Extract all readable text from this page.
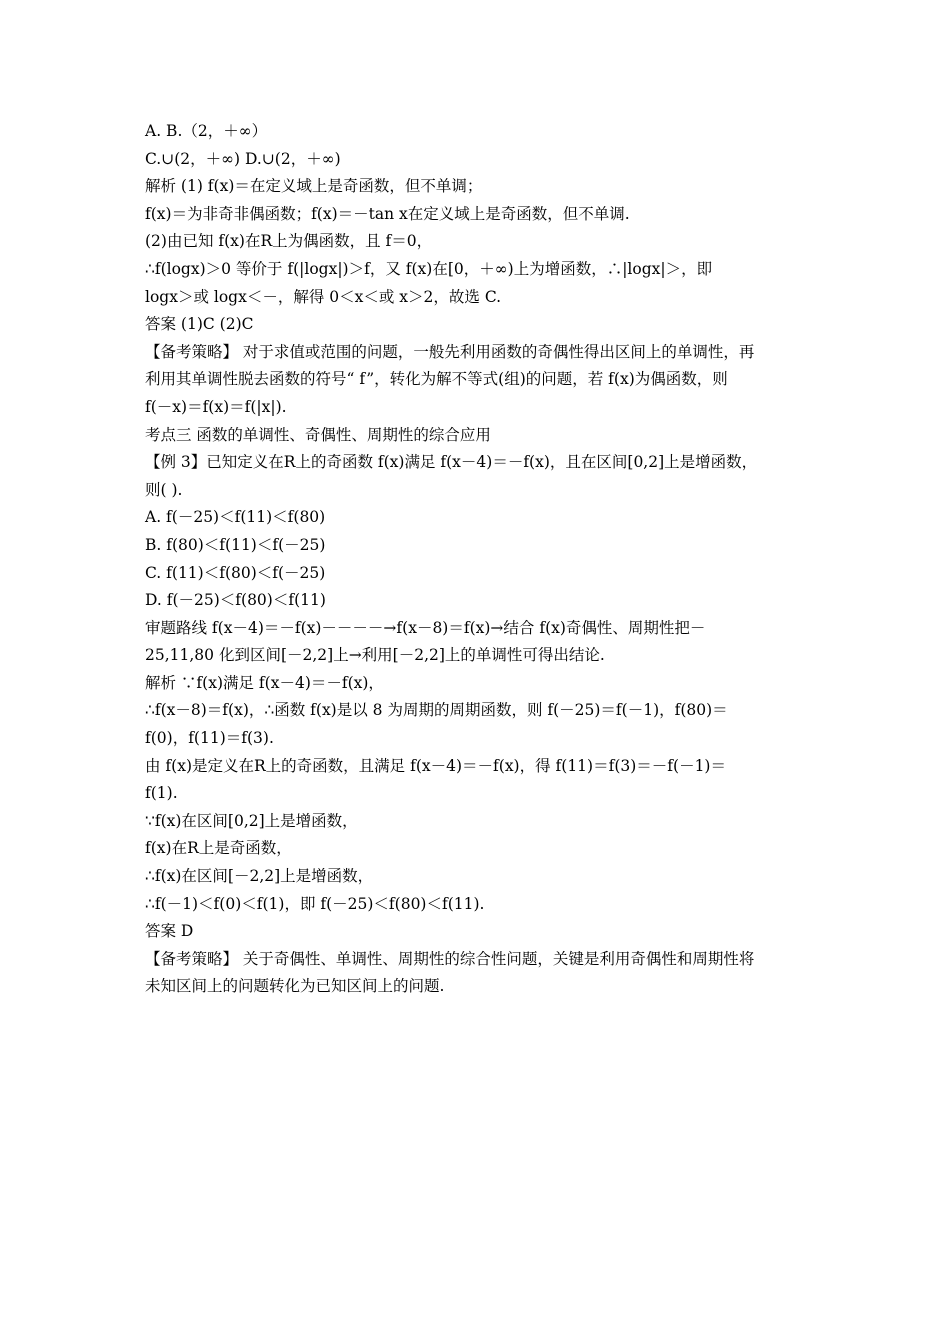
A. B.（2，＋∞）
C.∪(2，＋∞) D.∪(2，＋∞)
解析 (1) f(x)＝在定义域上是奇函数，但不单调；
f(x)＝为非奇非偶函数；f(x)＝－tan x在定义域上是奇函数，但不单调.
(2)由已知 f(x)在R上为偶函数，且 f＝0，
∴f(logx)＞0 等价于 f(|logx|)＞f，又 f(x)在[0，＋∞)上为增函数，∴|logx|＞，即
logx＞或 logx＜－，解得 0＜x＜或 x＞2，故选 C.
答案 (1)C (2)C
【备考策略】 对于求值或范围的问题，一般先利用函数的奇偶性得出区间上的单调性，再
利用其单调性脱去函数的符号“ f”，转化为解不等式(组)的问题，若 f(x)为偶函数，则
f(－x)＝f(x)＝f(|x|).
考点三 函数的单调性、奇偶性、周期性的综合应用
【例 3】已知定义在R上的奇函数 f(x)满足 f(x－4)＝－f(x)，且在区间[0,2]上是增函数，
则( ).
A. f(－25)＜f(11)＜f(80)
B. f(80)＜f(11)＜f(－25)
C. f(11)＜f(80)＜f(－25)
D. f(－25)＜f(80)＜f(11)
审题路线 f(x－4)＝－f(x)－－－－→f(x－8)＝f(x)→结合 f(x)奇偶性、周期性把－
25,11,80 化到区间[－2,2]上→利用[－2,2]上的单调性可得出结论.
解析 ∵f(x)满足 f(x－4)＝－f(x)，
∴f(x－8)＝f(x)，∴函数 f(x)是以 8 为周期的周期函数，则 f(－25)＝f(－1)，f(80)＝
f(0)，f(11)＝f(3).
由 f(x)是定义在R上的奇函数，且满足 f(x－4)＝－f(x)，得 f(11)＝f(3)＝－f(－1)＝
f(1).
∵f(x)在区间[0,2]上是增函数，
f(x)在R上是奇函数，
∴f(x)在区间[－2,2]上是增函数，
∴f(－1)＜f(0)＜f(1)，即 f(－25)＜f(80)＜f(11).
答案 D
【备考策略】 关于奇偶性、单调性、周期性的综合性问题，关键是利用奇偶性和周期性将
未知区间上的问题转化为已知区间上的问题.
